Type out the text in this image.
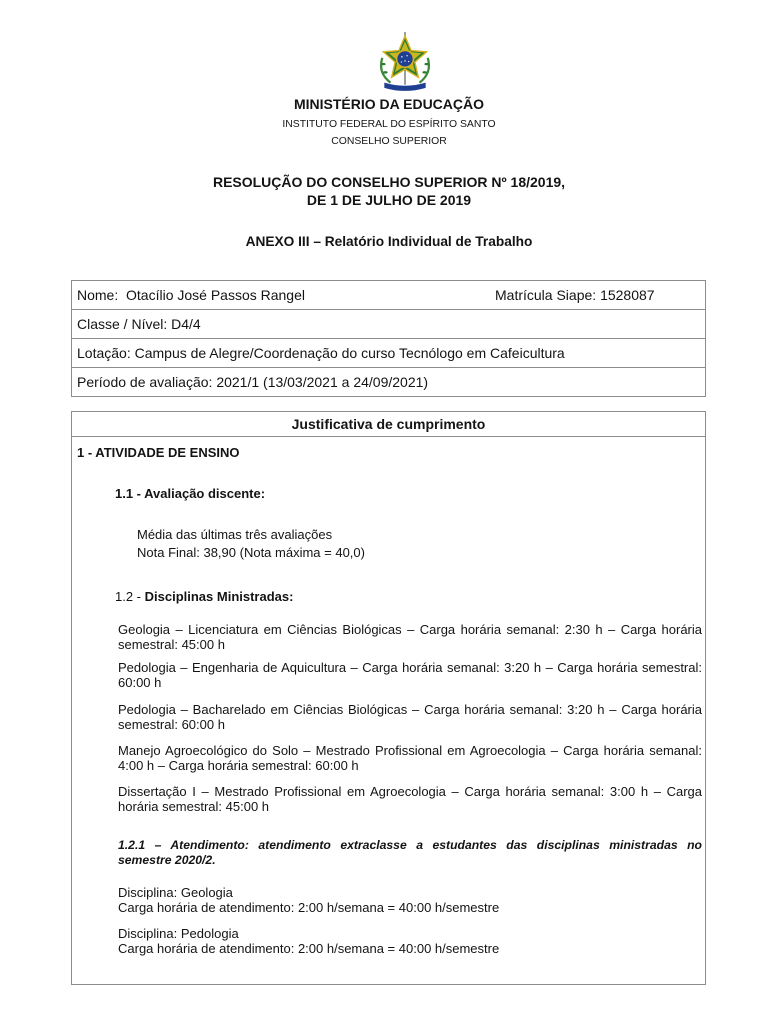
MINISTÉRIO DA EDUCAÇÃO
INSTITUTO FEDERAL DO ESPÍRITO SANTO
CONSELHO SUPERIOR
RESOLUÇÃO DO CONSELHO SUPERIOR Nº 18/2019,
DE 1 DE JULHO DE 2019
ANEXO III – Relatório Individual de Trabalho
Nome: Otacílio José Passos Rangel	Matrícula Siape: 1528087
Classe / Nível: D4/4
Lotação: Campus de Alegre/Coordenação do curso Tecnólogo em Cafeicultura
Período de avaliação: 2021/1 (13/03/2021 a 24/09/2021)
Justificativa de cumprimento
1 - ATIVIDADE DE ENSINO
1.1 - Avaliação discente:
Média das últimas três avaliações
Nota Final: 38,90 (Nota máxima = 40,0)
1.2 - Disciplinas Ministradas:
Geologia – Licenciatura em Ciências Biológicas – Carga horária semanal: 2:30 h – Carga horária
semestral: 45:00 h
Pedologia – Engenharia de Aquicultura – Carga horária semanal: 3:20 h – Carga horária semestral:
60:00 h
Pedologia – Bacharelado em Ciências Biológicas – Carga horária semanal: 3:20 h – Carga horária
semestral: 60:00 h
Manejo Agroecológico do Solo – Mestrado Profissional em Agroecologia – Carga horária semanal:
4:00 h – Carga horária semestral: 60:00 h
Dissertação I – Mestrado Profissional em Agroecologia – Carga horária semanal: 3:00 h – Carga
horária semestral: 45:00 h
1.2.1 – Atendimento: atendimento extraclasse a estudantes das disciplinas ministradas no
semestre 2020/2.
Disciplina: Geologia
Carga horária de atendimento: 2:00 h/semana = 40:00 h/semestre
Disciplina: Pedologia
Carga horária de atendimento: 2:00 h/semana = 40:00 h/semestre
